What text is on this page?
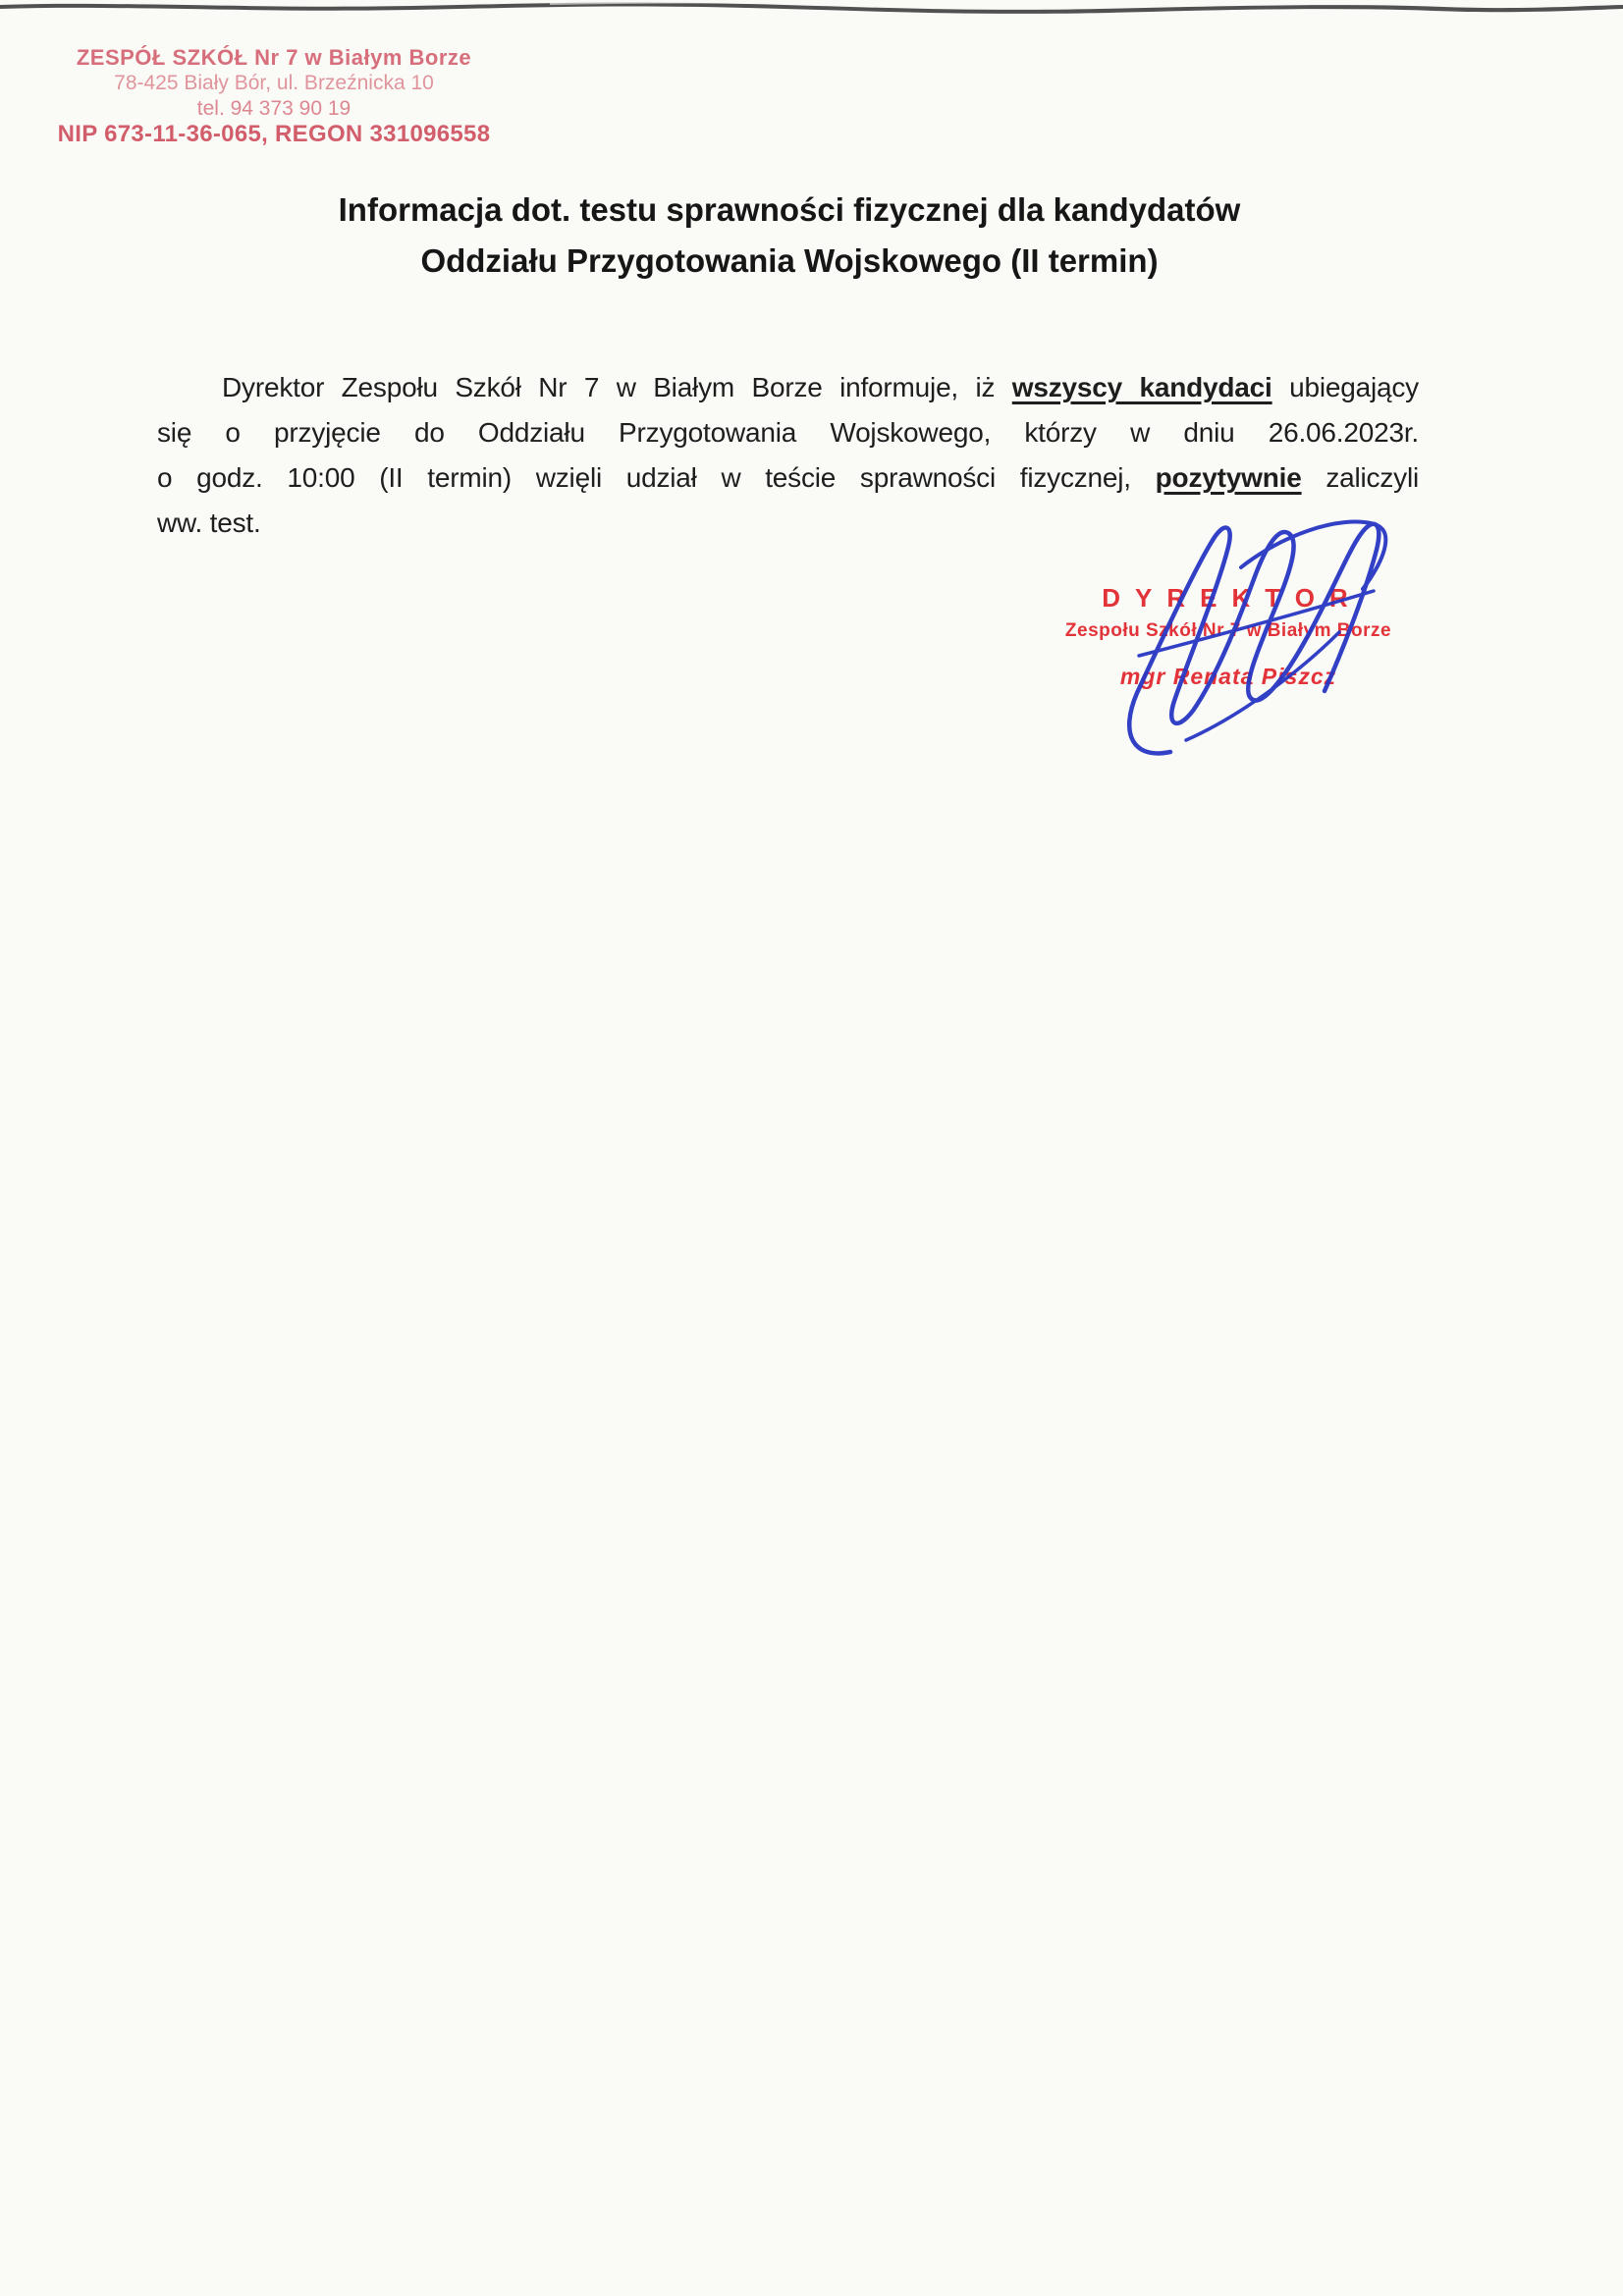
ZESPÓŁ SZKÓŁ Nr 7 w Białym Borze
78-425 Biały Bór, ul. Brzeźnicka 10
tel. 94 373 90 19
NIP 673-11-36-065, REGON 331096558
Informacja dot. testu sprawności fizycznej dla kandydatów
Oddziału Przygotowania Wojskowego (II termin)
Dyrektor Zespołu Szkół Nr 7 w Białym Borze informuje, iż wszyscy kandydaci ubiegający
się o przyjęcie do Oddziału Przygotowania Wojskowego, którzy w dniu 26.06.2023r.
o godz. 10:00 (II termin) wzięli udział w teście sprawności fizycznej, pozytywnie zaliczyli
ww. test.
DYREKTOR
Zespołu Szkół Nr 7 w Białym Borze
mgr Renata Piszcz
